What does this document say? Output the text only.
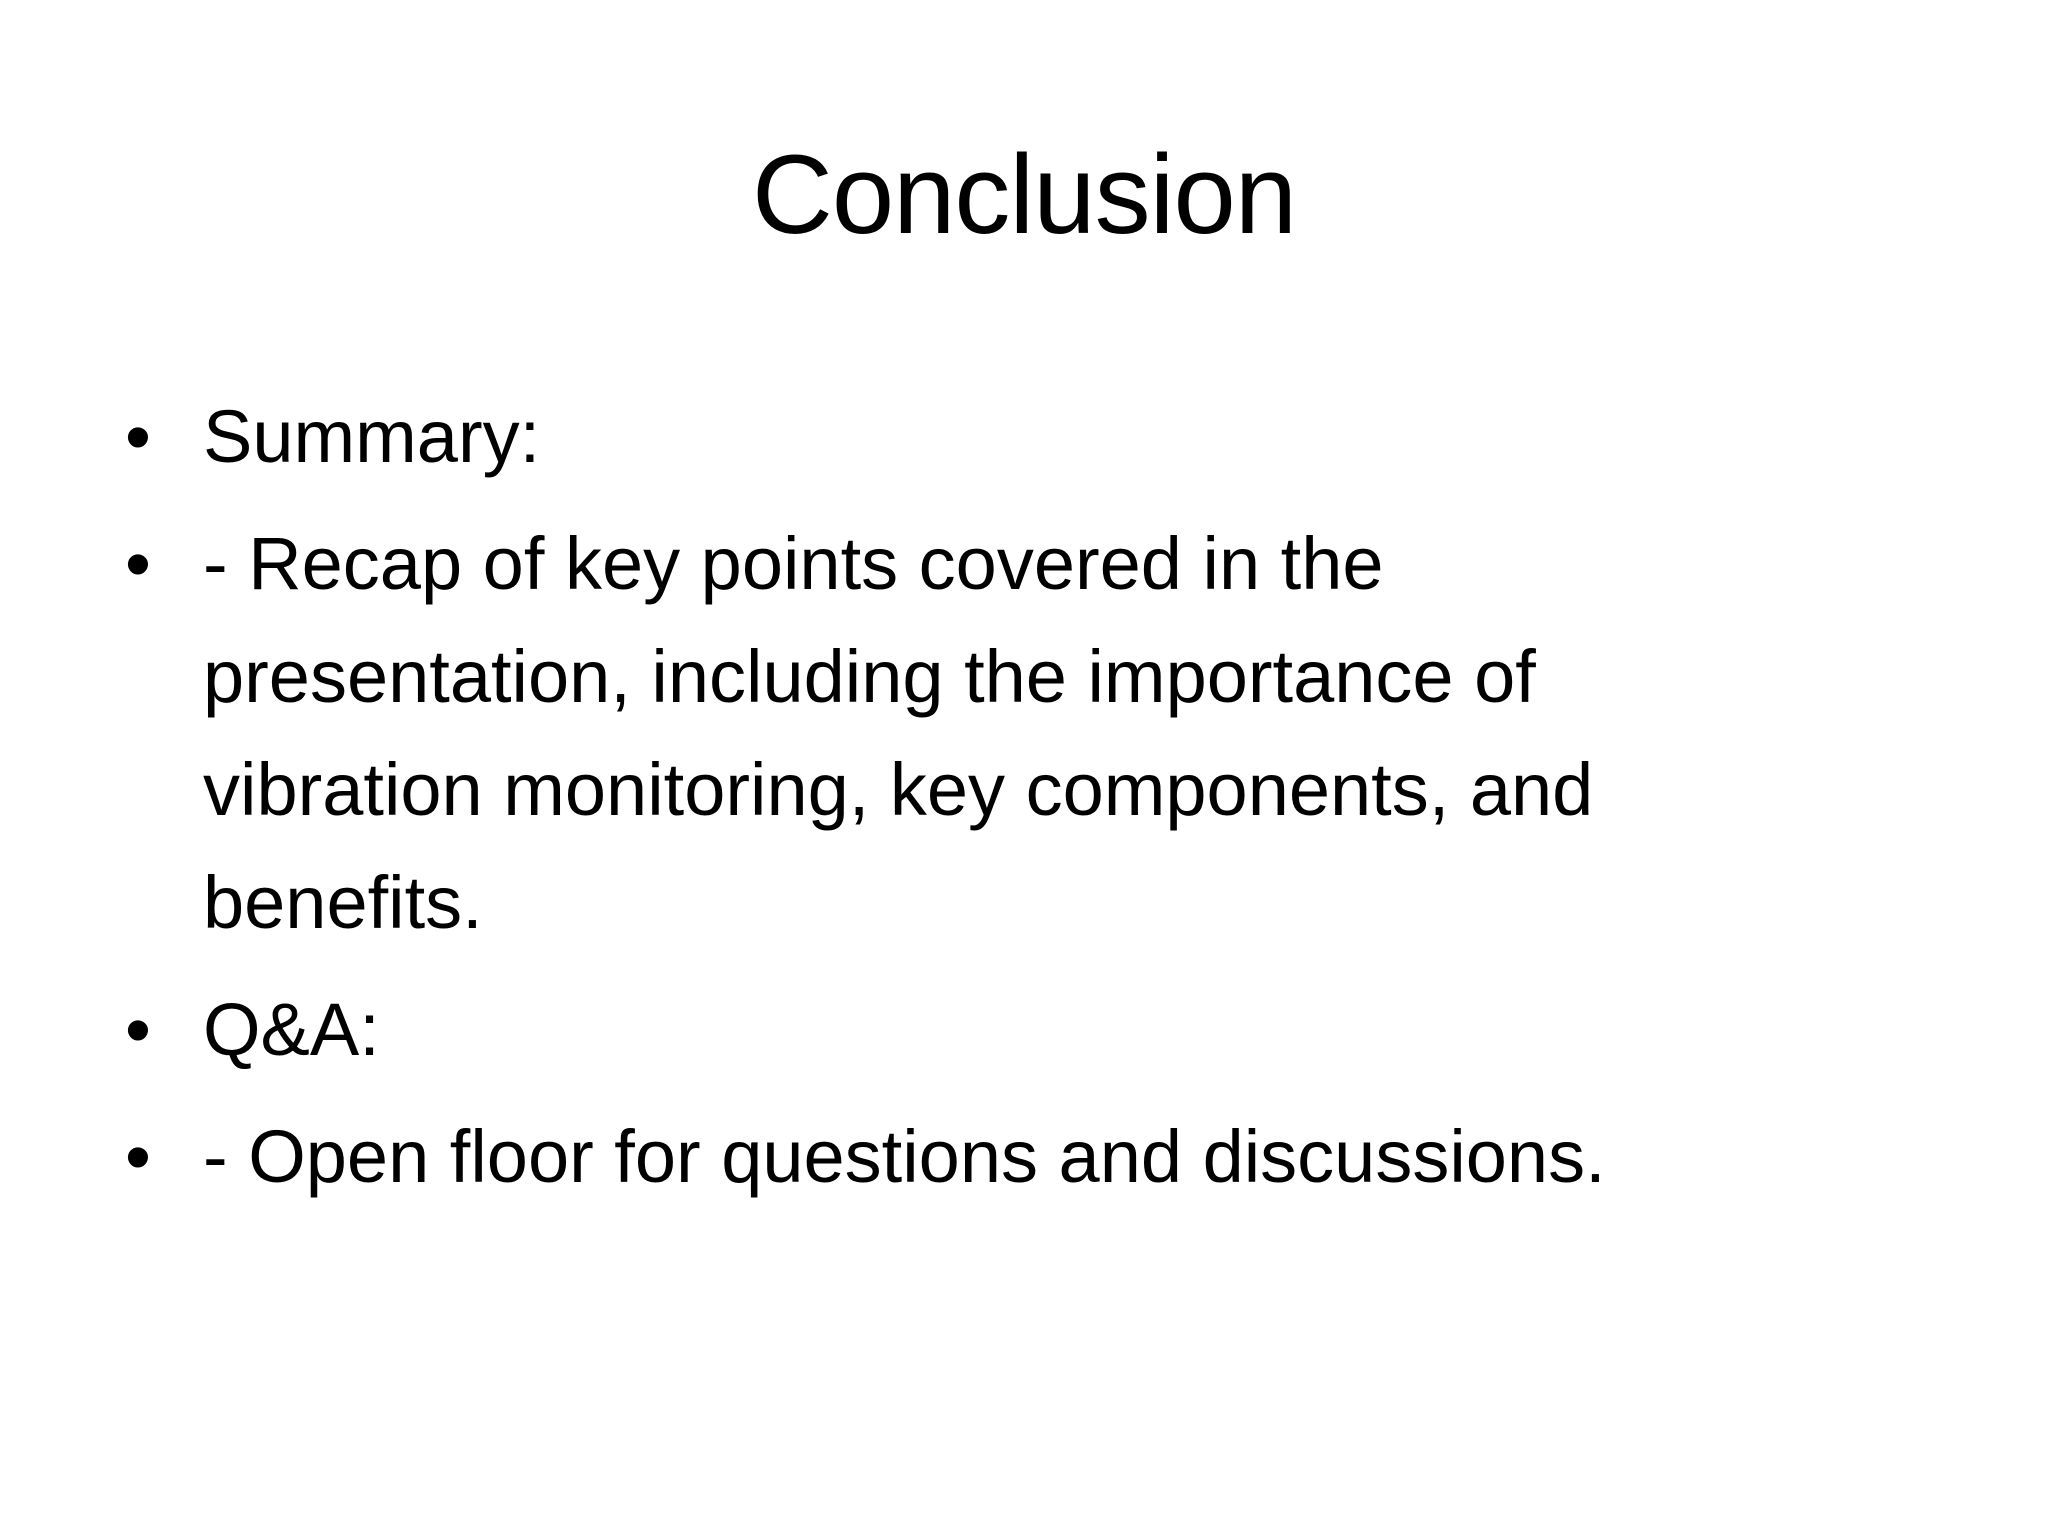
Conclusion
• Summary:
• - Recap of key points covered in the presentation, including the importance of vibration monitoring, key components, and benefits.
• Q&A:
• - Open floor for questions and discussions.
